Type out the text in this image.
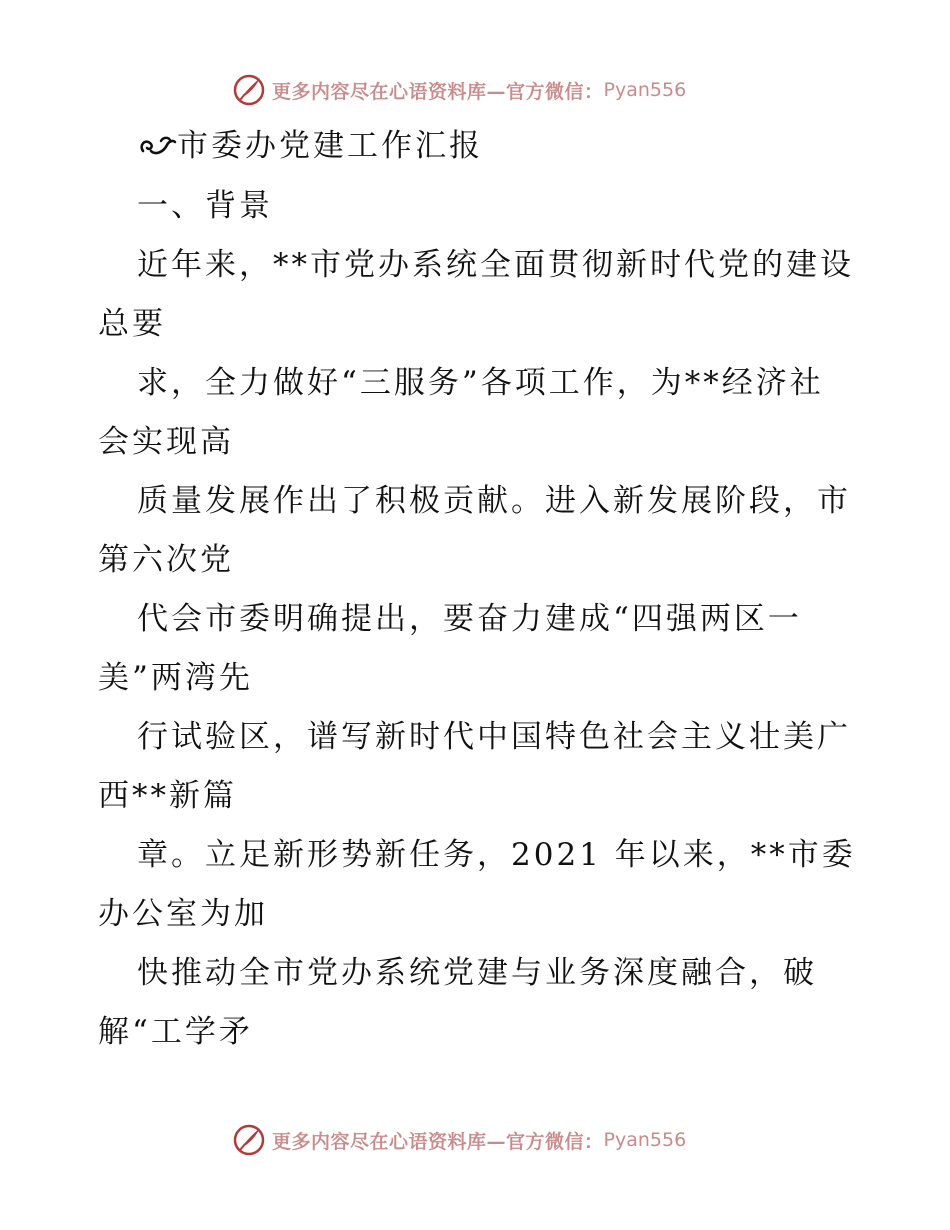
更多内容尽在心语资料库—官方微信： Pyan556
市委办党建工作汇报
一、背景
近年来，**市党办系统全面贯彻新时代党的建设
总要
求，全力做好“三服务”各项工作，为**经济社
会实现高
质量发展作出了积极贡献。进入新发展阶段，市
第六次党
代会市委明确提出，要奋力建成“四强两区一
美”两湾先
行试验区，谱写新时代中国特色社会主义壮美广
西**新篇
章。立足新形势新任务，2021 年以来，**市委
办公室为加
快推动全市党办系统党建与业务深度融合，破
解“工学矛
更多内容尽在心语资料库—官方微信： Pyan556
